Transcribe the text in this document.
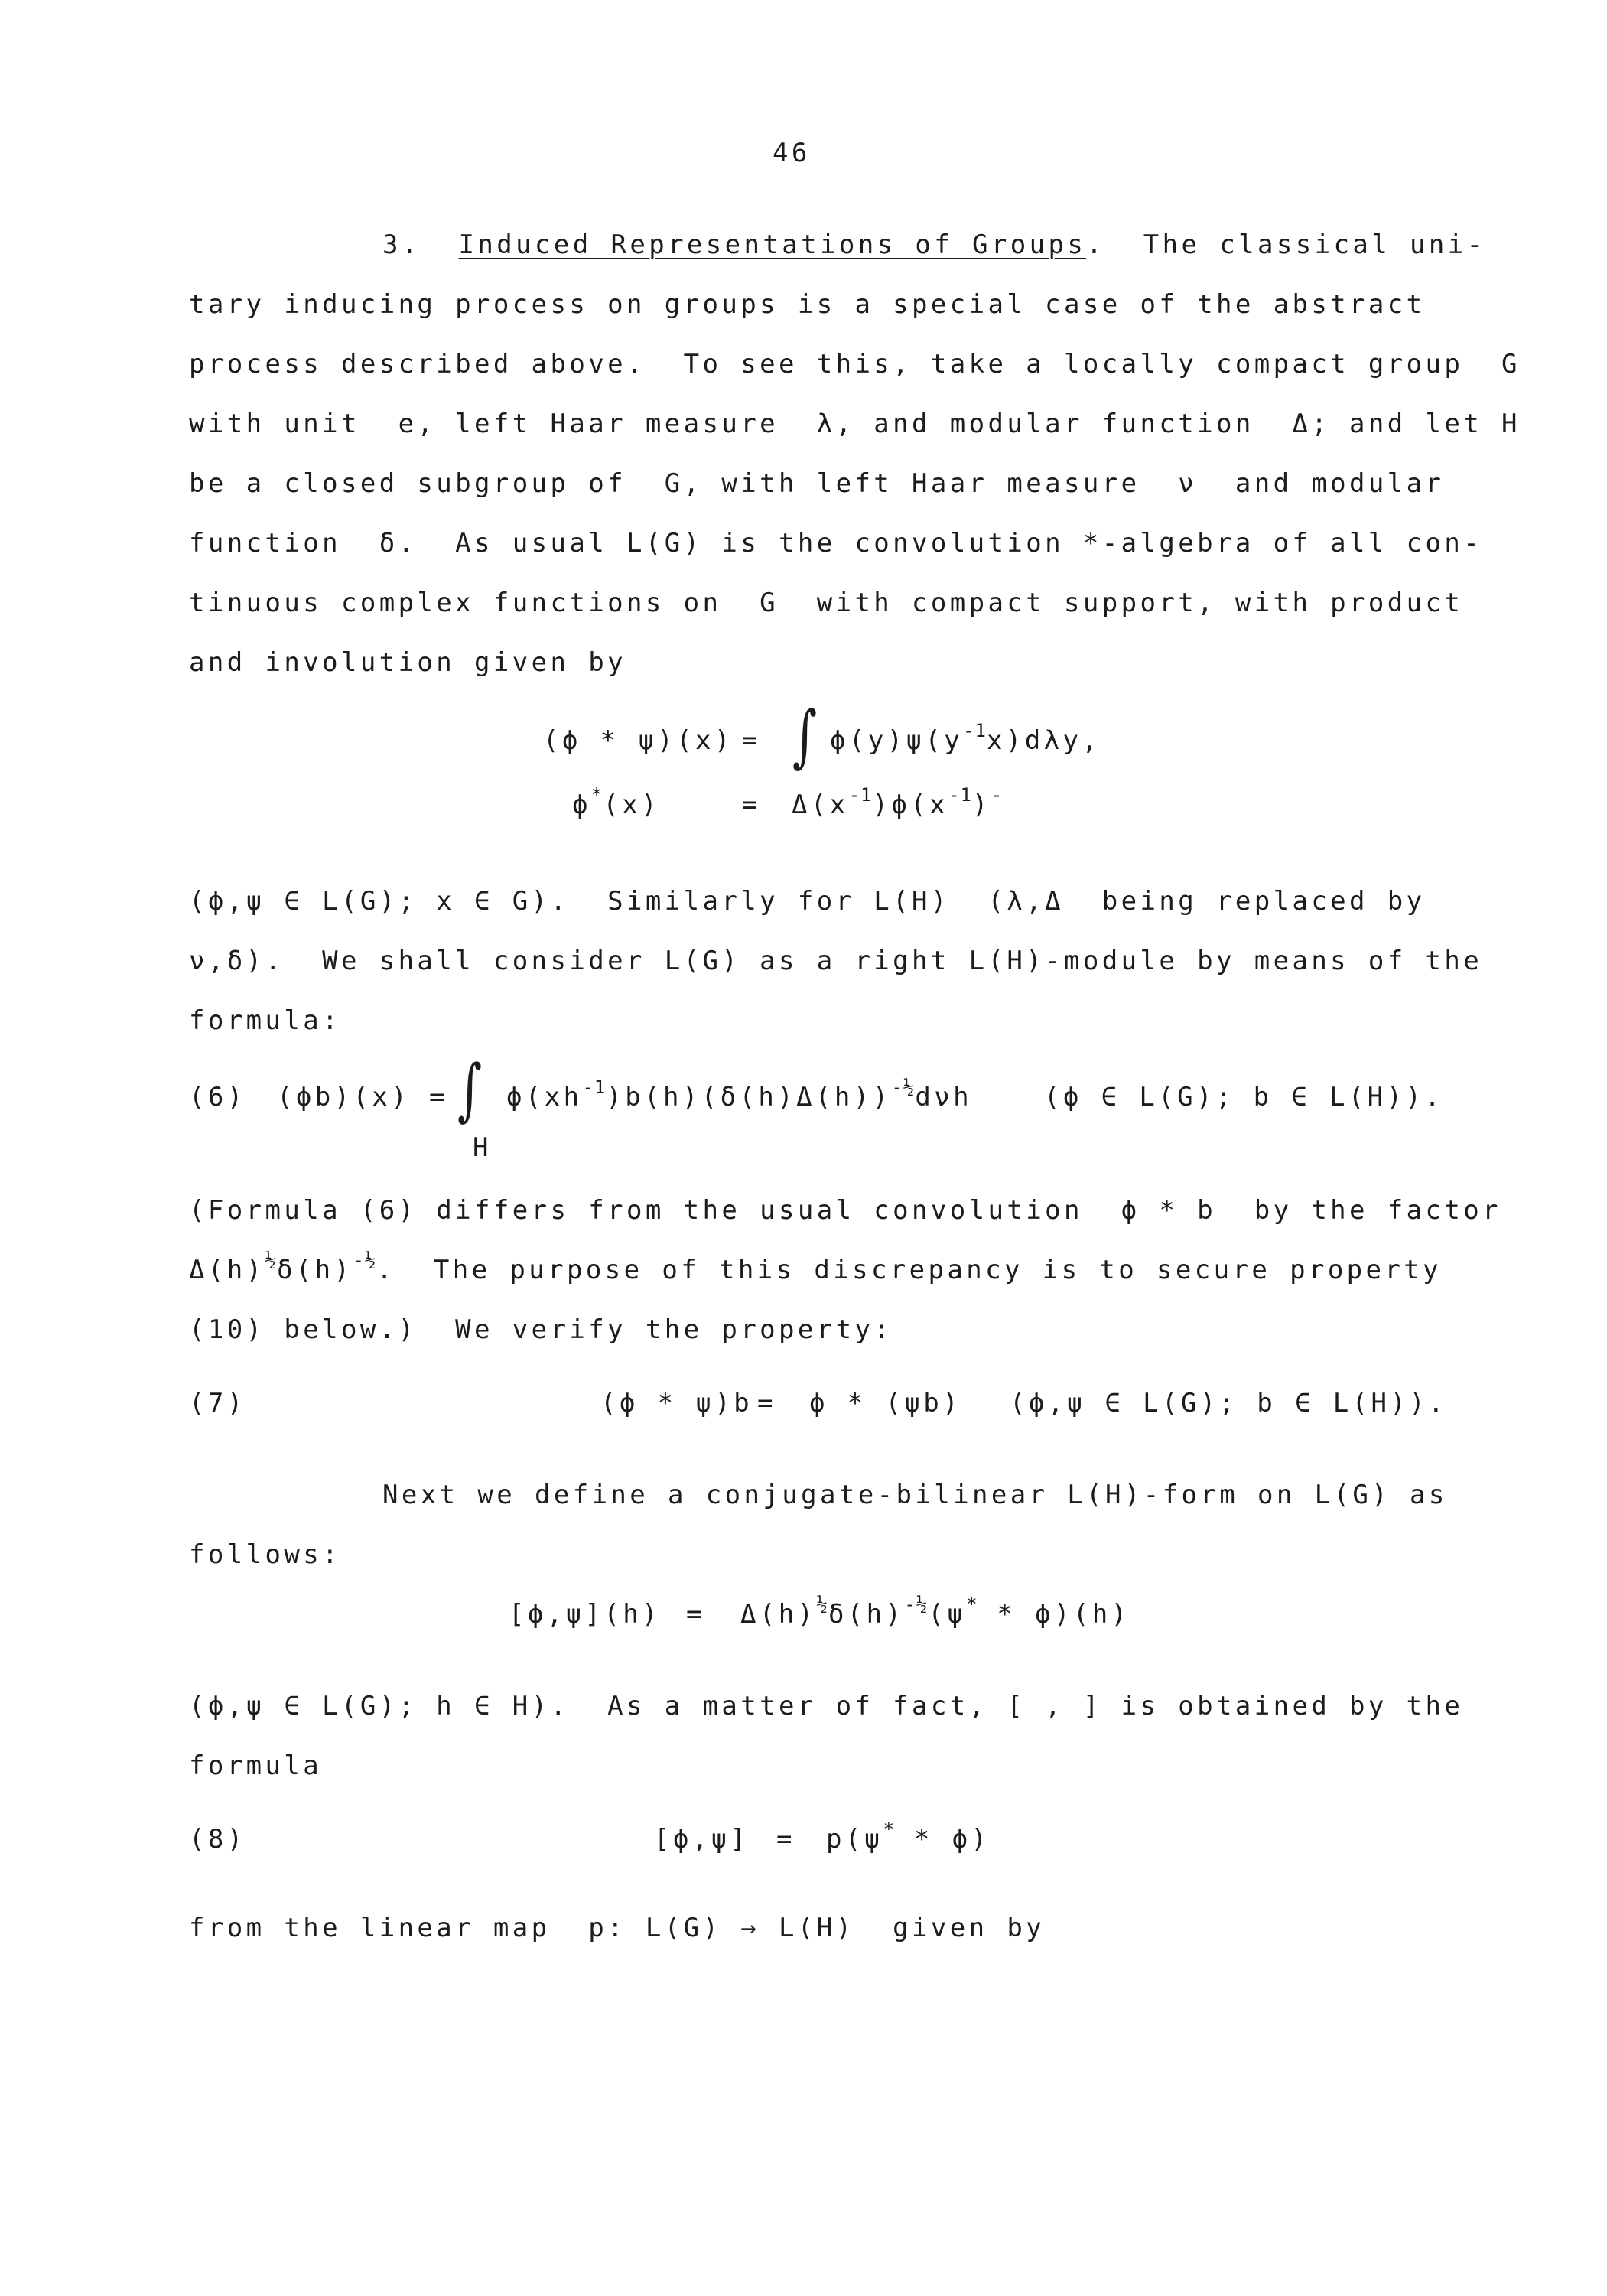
46
3. Induced Representations of Groups.  The classical uni-
tary inducing process on groups is a special case of the abstract
process described above.  To see this, take a locally compact group  G
with unit  e, left Haar measure  λ, and modular function  Δ; and let H
be a closed subgroup of  G, with left Haar measure  ν  and modular
function  δ.  As usual L(G) is the convolution *-algebra of all con-
tinuous complex functions on  G  with compact support, with product
and involution given by
(ϕ * ψ)(x) = ∫ $\phi(y)\psi(y^{-1}x)d\lambda y$,
ϕ*(x)	= $\Delta(x^{-1})\phi(x^{-1})^-$
(ϕ,ψ ∈ L(G); x ∈ G).  Similarly for L(H)  (λ,Δ  being replaced by
ν,δ).  We shall consider L(G) as a right L(H)-module by means of the
formula:
(6) (ϕb)(x) = ∫ $\phi(xh^{-1})b(h)(\delta(h)\Delta(h))^{-\frac{1}{2}}d\nu h$	(ϕ ∈ L(G); b ∈ L(H)).
H
(Formula (6) differs from the usual convolution  ϕ * b  by the factor
$\Delta(h)^{\frac{1}{2}}\delta(h)^{-\frac{1}{2}}$.  The purpose of this discrepancy is to secure property
(10) below.)  We verify the property:
(7)	(ϕ * ψ)b = ϕ * (ψb) (ϕ,ψ ∈ L(G); b ∈ L(H)).
Next we define a conjugate-bilinear L(H)-form on L(G) as
follows:
$[\phi,\psi](h) = \Delta(h)^{\frac{1}{2}}\delta(h)^{-\frac{1}{2}}(\psi^* * \phi)(h)$
(ϕ,ψ ∈ L(G); h ∈ H).  As a matter of fact, [ , ] is obtained by the
formula
(8)	[ϕ,ψ] = p(ψ* * ϕ)
from the linear map  p: L(G) → L(H)  given by
